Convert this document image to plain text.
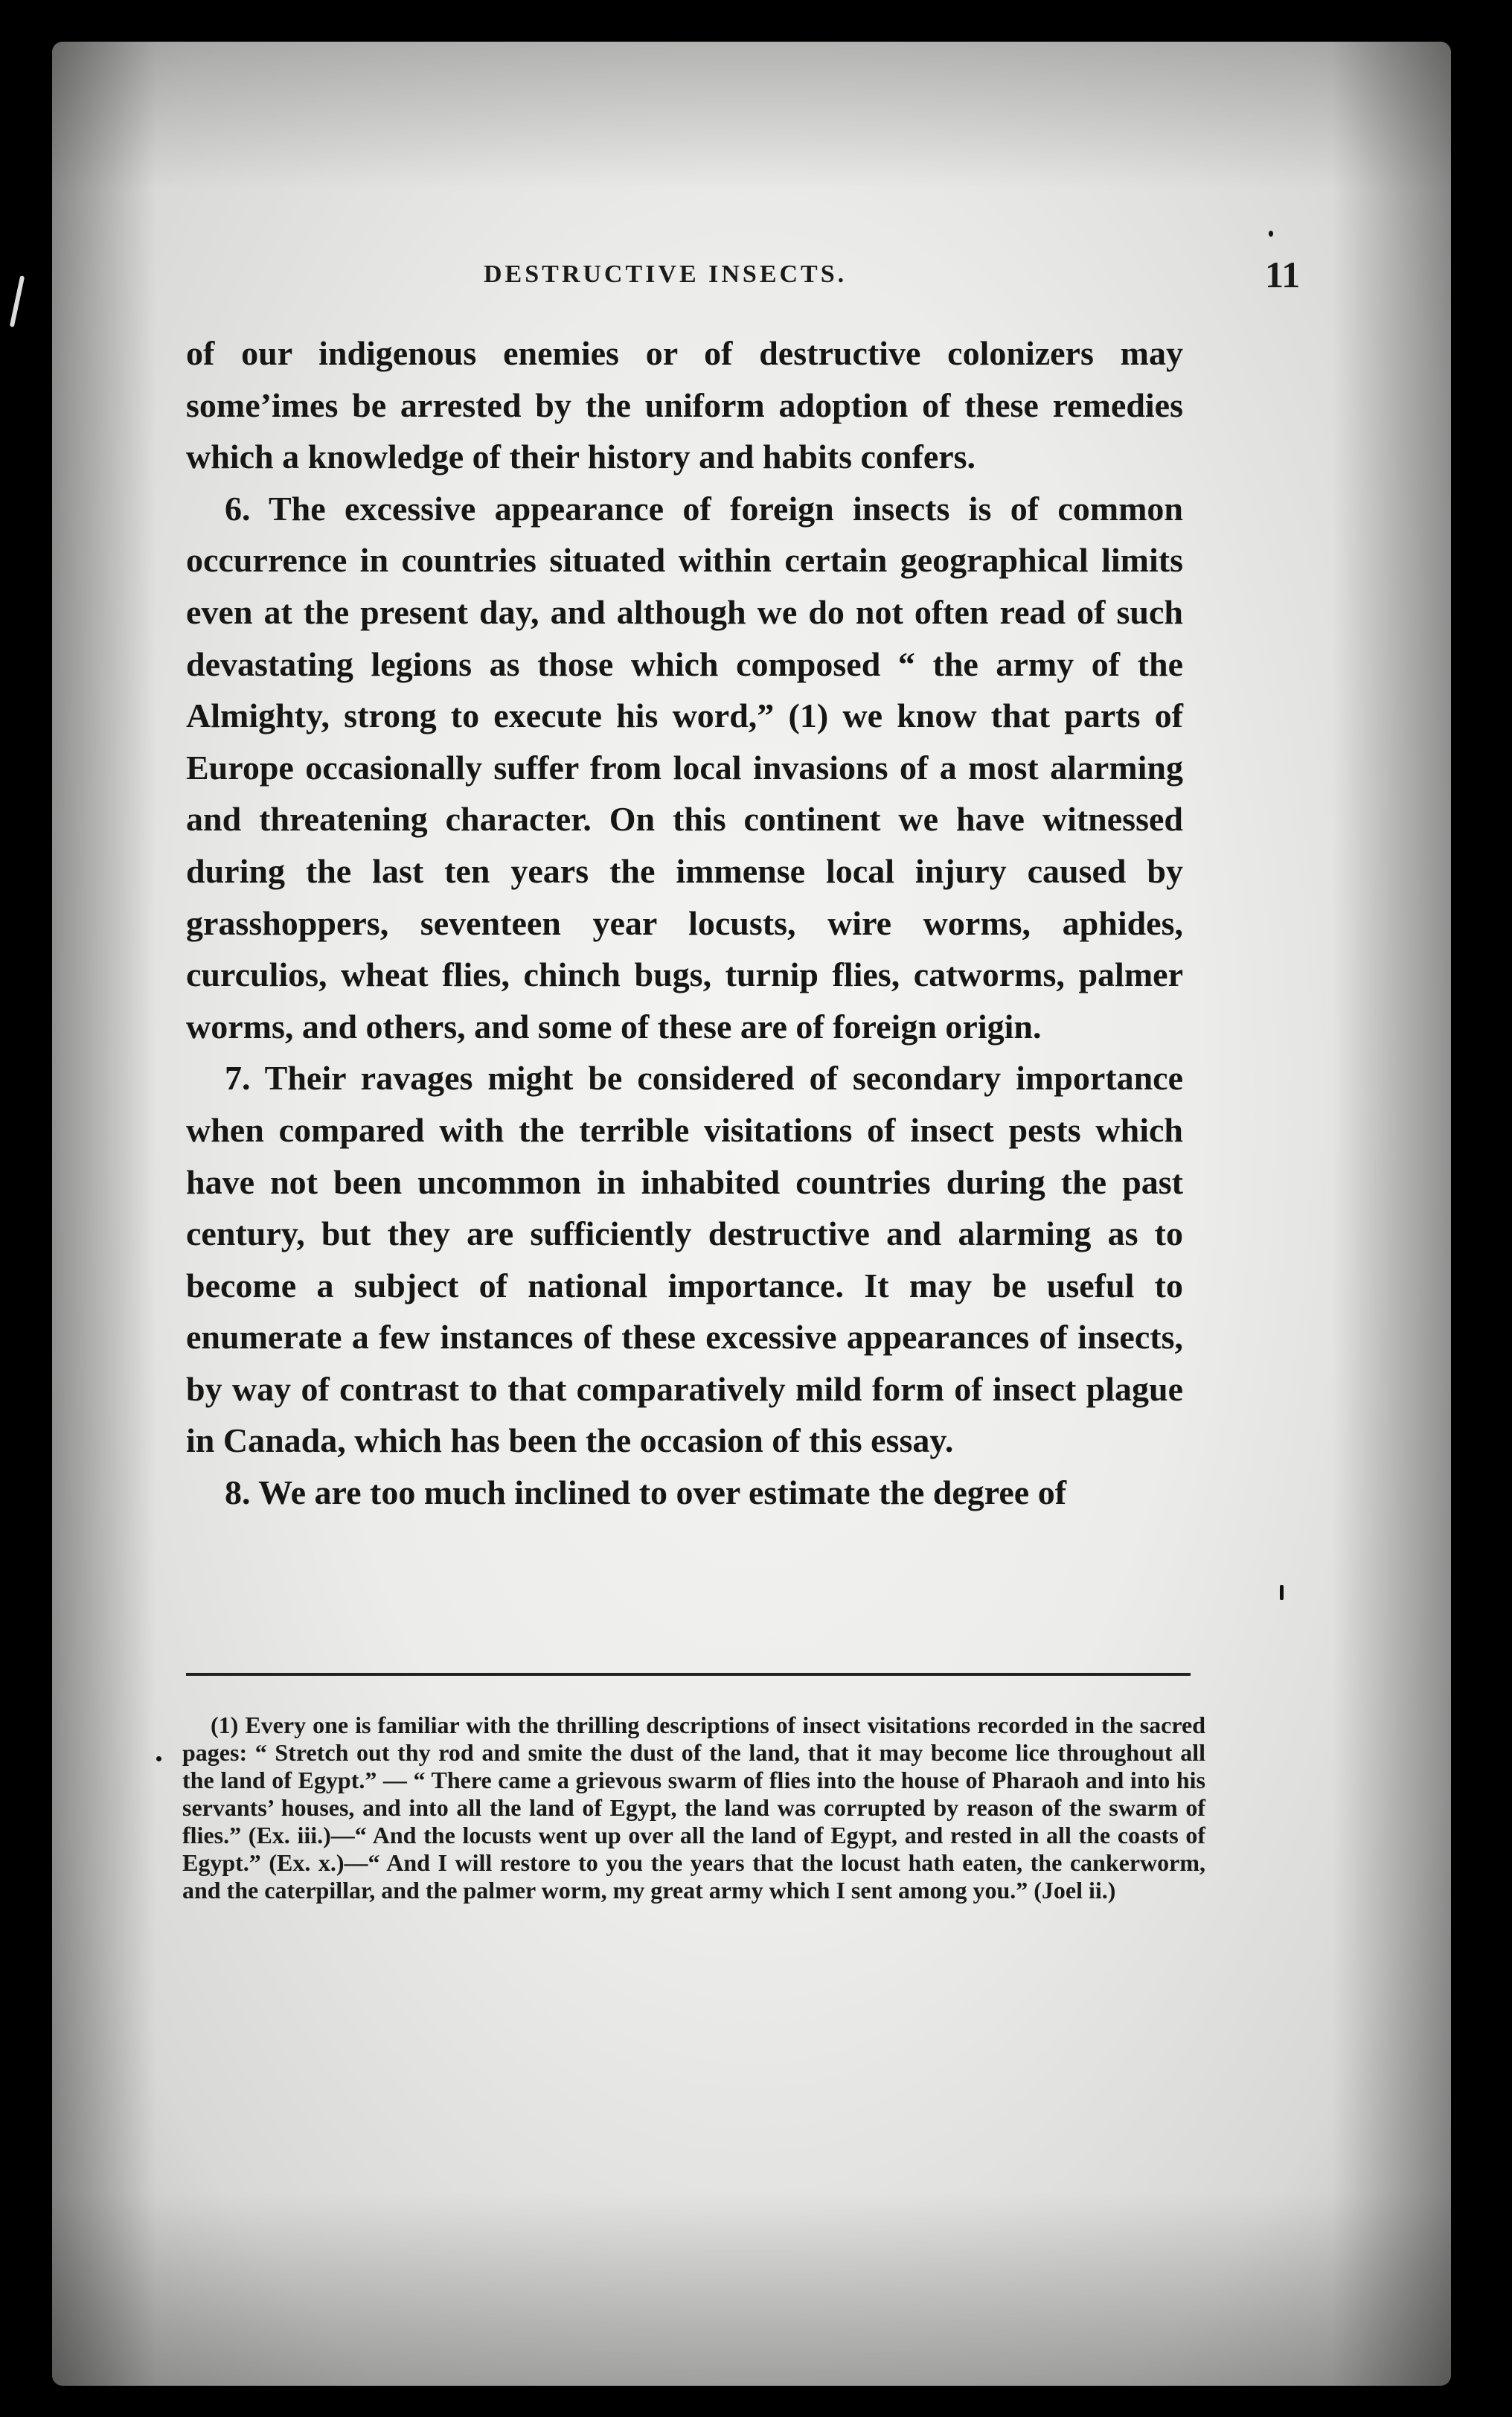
DESTRUCTIVE INSECTS.	11

of our indigenous enemies or of destructive colonizers may some’imes be arrested by the uniform adoption of these remedies which a knowledge of their history and habits confers.

6. The excessive appearance of foreign insects is of common occurrence in countries situated within certain geographical limits even at the present day, and although we do not often read of such devastating legions as those which composed “ the army of the Almighty, strong to execute his word,” (1) we know that parts of Europe occasionally suffer from local invasions of a most alarming and threatening character. On this continent we have witnessed during the last ten years the immense local injury caused by grasshoppers, seventeen year locusts, wire worms, aphides, curculios, wheat flies, chinch bugs, turnip flies, catworms, palmer worms, and others, and some of these are of foreign origin.

7. Their ravages might be considered of secondary importance when compared with the terrible visitations of insect pests which have not been uncommon in inhabited countries during the past century, but they are sufficiently destructive and alarming as to become a subject of national importance. It may be useful to enumerate a few instances of these excessive appearances of insects, by way of contrast to that comparatively mild form of insect plague in Canada, which has been the occasion of this essay.

8. We are too much inclined to over estimate the degree of

(1) Every one is familiar with the thrilling descriptions of insect visitations recorded in the sacred pages: “ Stretch out thy rod and smite the dust of the land, that it may become lice throughout all the land of Egypt.” — “ There came a grievous swarm of flies into the house of Pharaoh and into his servants’ houses, and into all the land of Egypt, the land was corrupted by reason of the swarm of flies.” (Ex. iii.)—“ And the locusts went up over all the land of Egypt, and rested in all the coasts of Egypt.” (Ex. x.)—“ And I will restore to you the years that the locust hath eaten, the cankerworm, and the caterpillar, and the palmer worm, my great army which I sent among you.” (Joel ii.)
